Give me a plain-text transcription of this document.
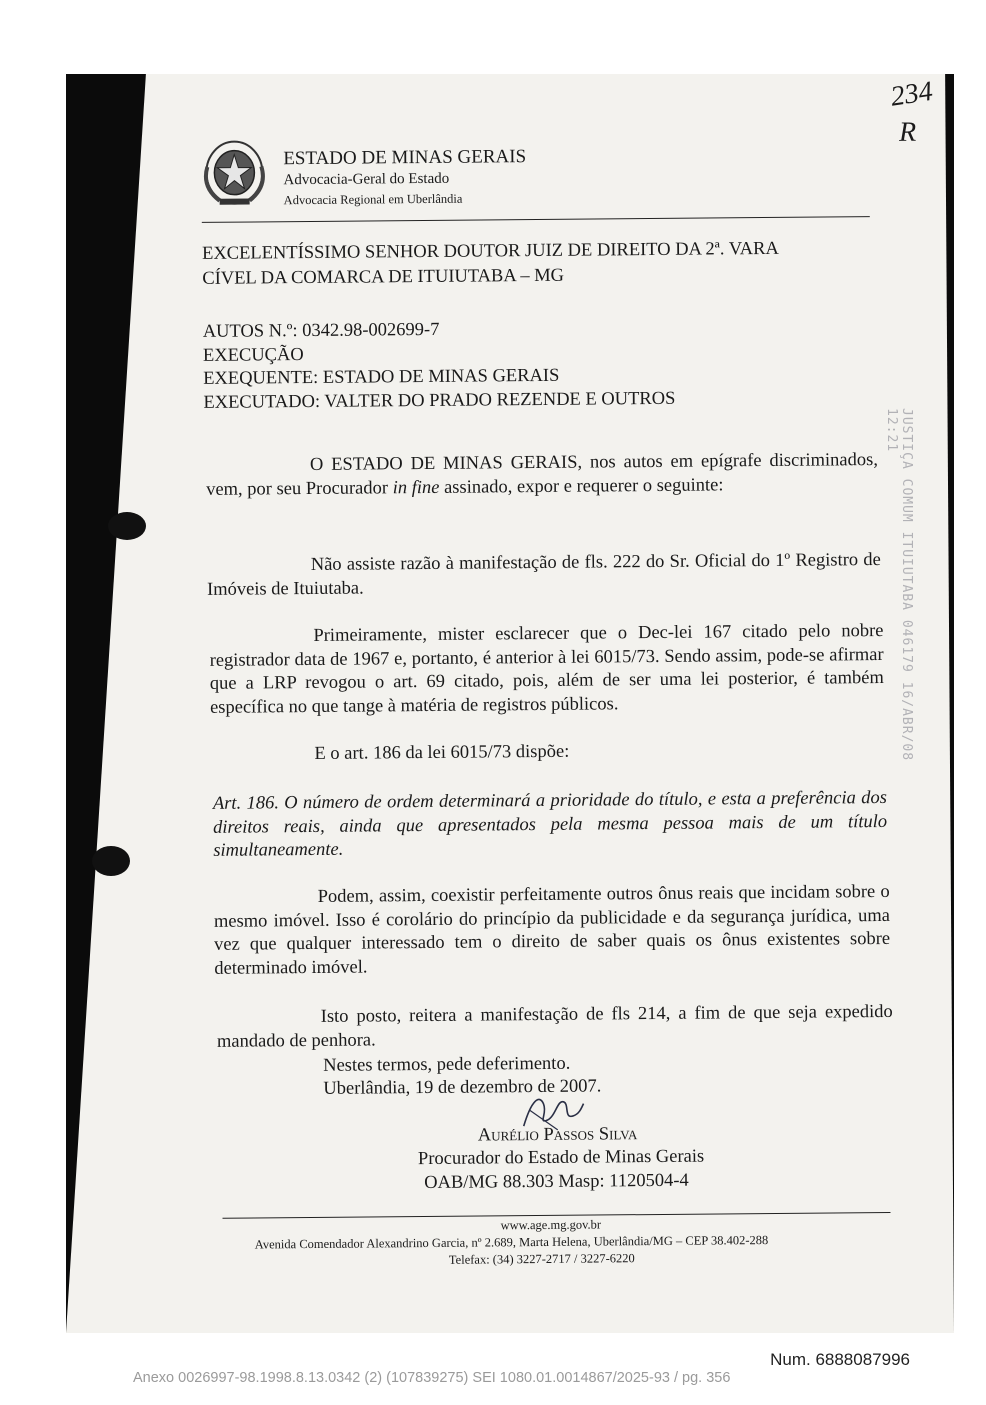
ESTADO DE MINAS GERAIS
Advocacia-Geral do Estado
Advocacia Regional em Uberlândia
234
R
EXCELENTÍSSIMO SENHOR DOUTOR JUIZ DE DIREITO DA 2ª. VARA
CÍVEL DA COMARCA DE ITUIUTABA – MG
AUTOS N.º: 0342.98-002699-7
EXECUÇÃO
EXEQUENTE: ESTADO DE MINAS GERAIS
EXECUTADO: VALTER DO PRADO REZENDE E OUTROS
O ESTADO DE MINAS GERAIS, nos autos em epígrafe discriminados, vem, por seu Procurador in fine assinado, expor e requerer o seguinte:
Não assiste razão à manifestação de fls. 222 do Sr. Oficial do 1º Registro de Imóveis de Ituiutaba.
Primeiramente, mister esclarecer que o Dec-lei 167 citado pelo nobre registrador data de 1967 e, portanto, é anterior à lei 6015/73. Sendo assim, pode-se afirmar que a LRP revogou o art. 69 citado, pois, além de ser uma lei posterior, é também específica no que tange à matéria de registros públicos.
E o art. 186 da lei 6015/73 dispõe:
Art. 186. O número de ordem determinará a prioridade do título, e esta a preferência dos direitos reais, ainda que apresentados pela mesma pessoa mais de um título simultaneamente.
Podem, assim, coexistir perfeitamente outros ônus reais que incidam sobre o mesmo imóvel. Isso é corolário do princípio da publicidade e da segurança jurídica, uma vez que qualquer interessado tem o direito de saber quais os ônus existentes sobre determinado imóvel.
Isto posto, reitera a manifestação de fls 214, a fim de que seja expedido mandado de penhora.
Nestes termos, pede deferimento.
Uberlândia, 19 de dezembro de 2007.
Aurélio Passos Silva
Procurador do Estado de Minas Gerais
OAB/MG 88.303 Masp: 1120504-4
www.age.mg.gov.br
Avenida Comendador Alexandrino Garcia, nº 2.689, Marta Helena, Uberlândia/MG – CEP 38.402-288
Telefax: (34) 3227-2717 / 3227-6220
JUSTIÇA COMUM ITUIUTABA 046179 16/ABR/08 12:21
Num. 6888087996
Anexo 0026997-98.1998.8.13.0342 (2) (107839275) SEI 1080.01.0014867/2025-93 / pg. 356
